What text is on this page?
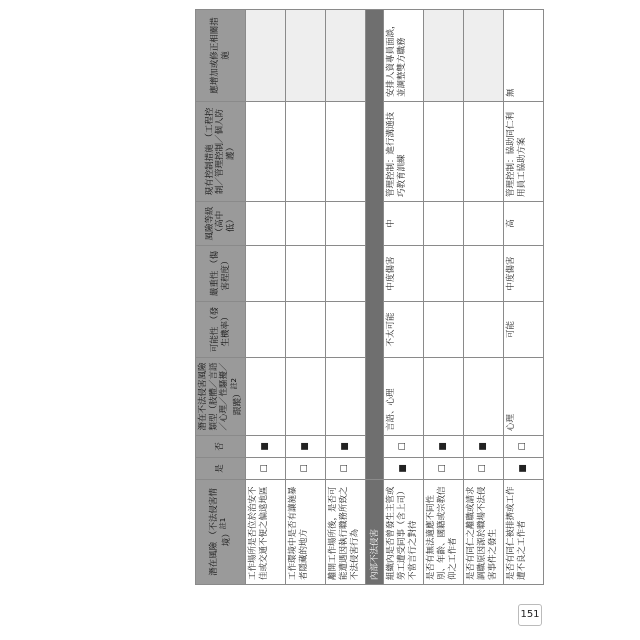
潛在風險 （不法侵害情境）$^{註1}$	是	否	潛在不法侵害風險類型（肢體／言語／心理／性騷擾／跟蹤）$^{註2}$	可能性 （發生機率）	嚴重性 （傷害程度）	風險等級 （高中低）	現有控制措施 （工程控制／管理控制／個人防護）	應增加或修正相關措施
工作場所是否位於治安不佳或交通不便之偏遠地區	☐	■						
工作環境中是否有讓施暴者隱藏的地方	☐	■						
離開工作場所後，是否可能遭遇因執行職務所致之不法侵害行為	☐	■						
內部不法侵害								
組織內是否曾發生主管或勞工遭受同事（含上司）不當言行之對待	■	☐	言語、心理	不太可能	中度傷害	中	管理控制：進行溝通技巧教育訓練	安排人資專員面談，並調整雙方職務
是否有無法適應不同性別、年齡、國籍或宗教信仰之工作者	☐	■						
是否有同仁之離職或請求調職原因源於職場不法侵害事件之發生	☐	■						
是否有同仁被排擠或工作遭不良之工作者	■	☐	心理	可能	中度傷害	高	管理控制：協助同仁利用員工協助方案	無
151
